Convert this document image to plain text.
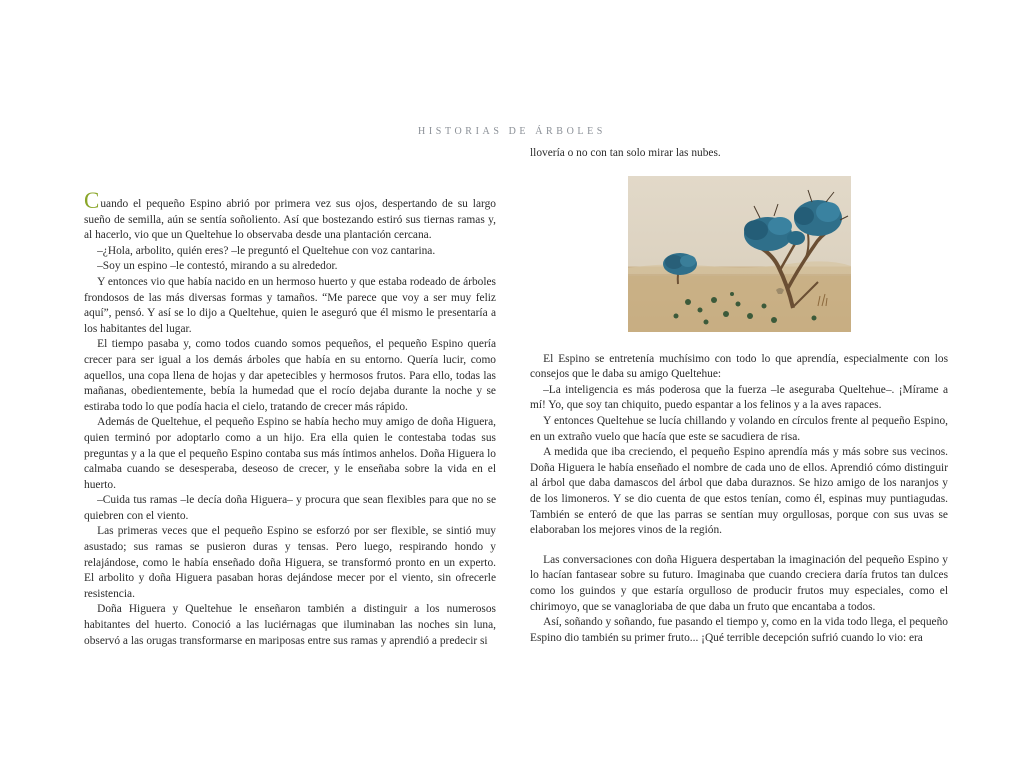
HISTORIAS DE ÁRBOLES

Cuando el pequeño Espino abrió por primera vez sus ojos, despertando de su largo sueño de semilla, aún se sentía soñoliento. Así que bostezando estiró sus tiernas ramas y, al hacerlo, vio que un Queltehue lo observaba desde una plantación cercana.

–¿Hola, arbolito, quién eres? –le preguntó el Queltehue con voz cantarina.

–Soy un espino –le contestó, mirando a su alrededor.

Y entonces vio que había nacido en un hermoso huerto y que estaba rodeado de árboles frondosos de las más diversas formas y tamaños. “Me parece que voy a ser muy feliz aquí”, pensó. Y así se lo dijo a Queltehue, quien le aseguró que él mismo le presentaría a los habitantes del lugar.

El tiempo pasaba y, como todos cuando somos pequeños, el pequeño Espino quería crecer para ser igual a los demás árboles que había en su entorno. Quería lucir, como aquellos, una copa llena de hojas y dar apetecibles y hermosos frutos. Para ello, todas las mañanas, obedientemente, bebía la humedad que el rocío dejaba durante la noche y se estiraba todo lo que podía hacia el cielo, tratando de crecer más rápido.

Además de Queltehue, el pequeño Espino se había hecho muy amigo de doña Higuera, quien terminó por adoptarlo como a un hijo. Era ella quien le contestaba todas sus preguntas y a la que el pequeño Espino contaba sus más íntimos anhelos. Doña Higuera lo calmaba cuando se desesperaba, deseoso de crecer, y le enseñaba sobre la vida en el huerto.

–Cuida tus ramas –le decía doña Higuera– y procura que sean flexibles para que no se quiebren con el viento.

Las primeras veces que el pequeño Espino se esforzó por ser flexible, se sintió muy asustado; sus ramas se pusieron duras y tensas. Pero luego, respirando hondo y relajándose, como le había enseñado doña Higuera, se transformó pronto en un experto. El arbolito y doña Higuera pasaban horas dejándose mecer por el viento, sin ofrecerle resistencia.

Doña Higuera y Queltehue le enseñaron también a distinguir a los numerosos habitantes del huerto. Conoció a las luciérnagas que iluminaban las noches sin luna, observó a las orugas transformarse en mariposas entre sus ramas y aprendió a predecir si

llovería o no con tan solo mirar las nubes.

El Espino se entretenía muchísimo con todo lo que aprendía, especialmente con los consejos que le daba su amigo Queltehue:

–La inteligencia es más poderosa que la fuerza –le aseguraba Queltehue–. ¡Mírame a mí! Yo, que soy tan chiquito, puedo espantar a los felinos y a la aves rapaces.

Y entonces Queltehue se lucía chillando y volando en círculos frente al pequeño Espino, en un extraño vuelo que hacía que este se sacudiera de risa.

A medida que iba creciendo, el pequeño Espino aprendía más y más sobre sus vecinos. Doña Higuera le había enseñado el nombre de cada uno de ellos. Aprendió cómo distinguir al árbol que daba damascos del árbol que daba duraznos. Se hizo amigo de los naranjos y de los limoneros. Y se dio cuenta de que estos tenían, como él, espinas muy puntiagudas. También se enteró de que las parras se sentían muy orgullosas, porque con sus uvas se elaboraban los mejores vinos de la región.

Las conversaciones con doña Higuera despertaban la imaginación del pequeño Espino y lo hacían fantasear sobre su futuro. Imaginaba que cuando creciera daría frutos tan dulces como los guindos y que estaría orgulloso de producir frutos muy especiales, como el chirimoyo, que se vanagloriaba de que daba un fruto que encantaba a todos.

Así, soñando y soñando, fue pasando el tiempo y, como en la vida todo llega, el pequeño Espino dio también su primer fruto... ¡Qué terrible decepción sufrió cuando lo vio: era
